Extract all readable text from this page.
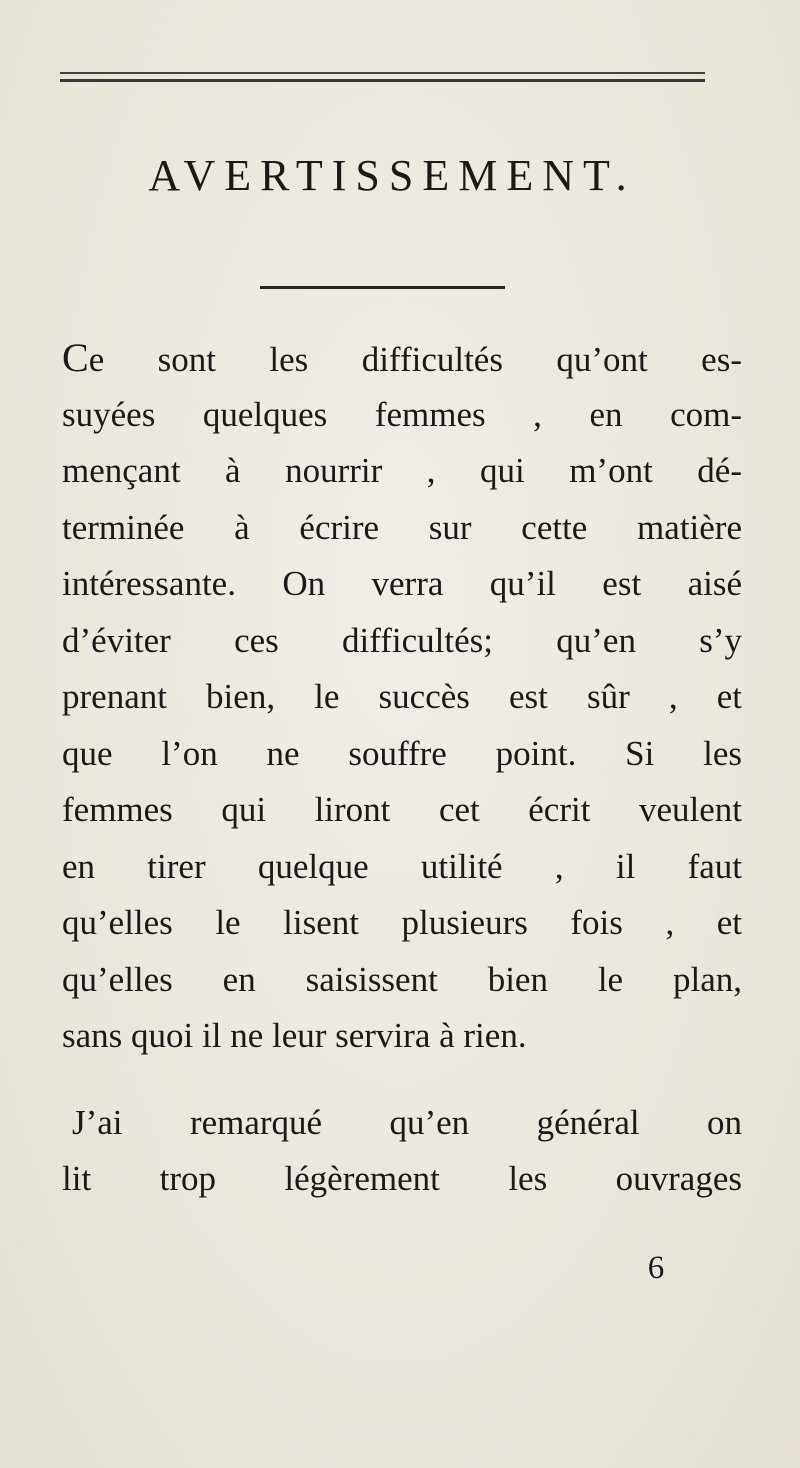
AVERTISSEMENT.
Ce sont les difficultés qu’ont es-
suyées quelques femmes , en com-
mençant à nourrir , qui m’ont dé-
terminée à écrire sur cette matière
intéressante. On verra qu’il est aisé
d’éviter ces difficultés; qu’en s’y
prenant bien, le succès est sûr , et
que l’on ne souffre point. Si les
femmes qui liront cet écrit veulent
en tirer quelque utilité , il faut
qu’elles le lisent plusieurs fois , et
qu’elles en saisissent bien le plan,
sans quoi il ne leur servira à rien.
J’ai remarqué qu’en général on
lit trop légèrement les ouvrages
6
